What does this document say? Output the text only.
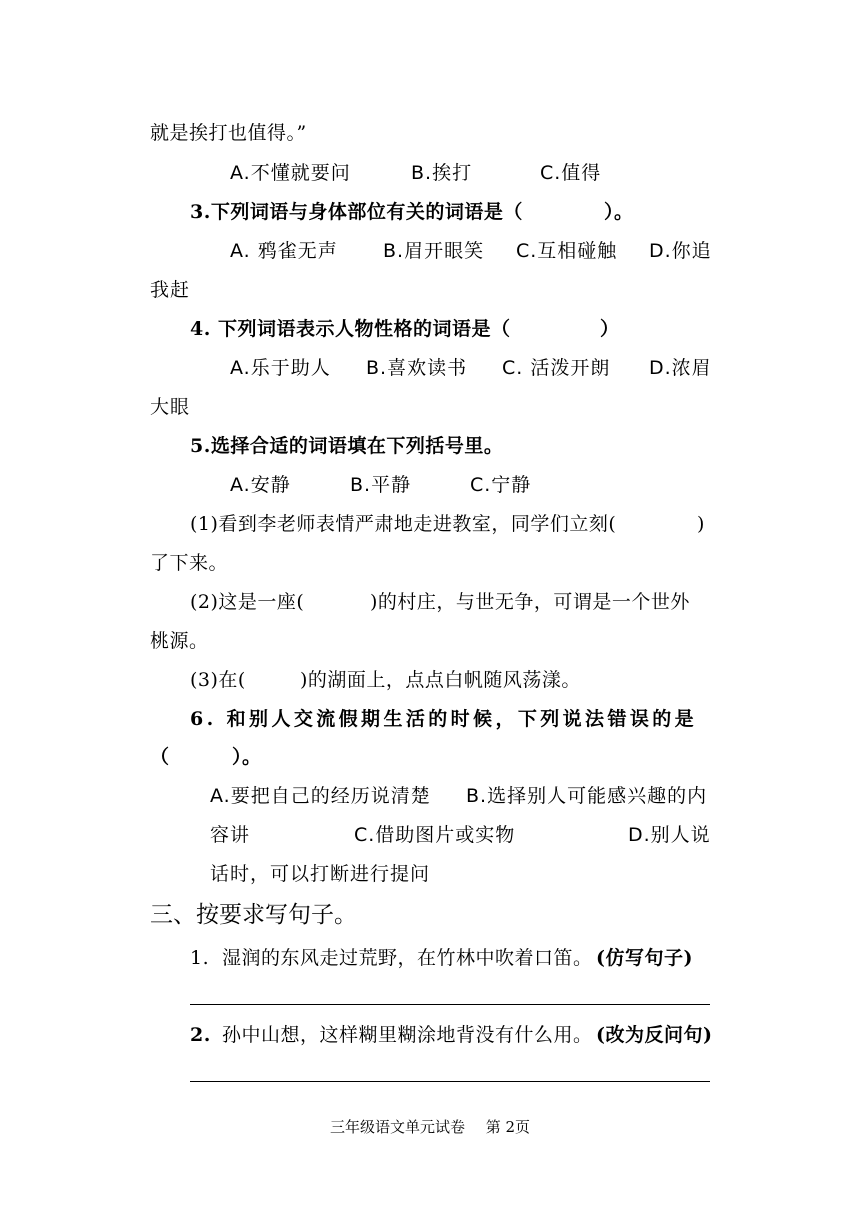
就是挨打也值得。”
A.不懂就要问	B.挨打	C.值得
3.下列词语与身体部位有关的词语是（	）。
A. 鸦雀无声 B.眉开眼笑 C.互相碰触 D.你追
我赶
4. 下列词语表示人物性格的词语是（	）
A.乐于助人 B.喜欢读书 C. 活泼开朗 D.浓眉
大眼
5.选择合适的词语填在下列括号里。
A.安静	B.平静	C.宁静
(1)看到李老师表情严肃地走进教室，同学们立刻(	)
了下来。
(2)这是一座(	)的村庄，与世无争，可谓是一个世外
桃源。
(3)在(	)的湖面上，点点白帆随风荡漾。
6. 和别人交流假期生活的时候，下列说法错误的是
（	）。
A.要把自己的经历说清楚 B.选择别人可能感兴趣的内
容讲	C.借助图片或实物	D.别人说
话时，可以打断进行提问
三、按要求写句子。
1. 湿润的东风走过荒野，在竹林中吹着口笛。 (仿写句子)
2. 孙中山想，这样糊里糊涂地背没有什么用。 (改为反问句)
三年级语文单元试卷 第 2页
